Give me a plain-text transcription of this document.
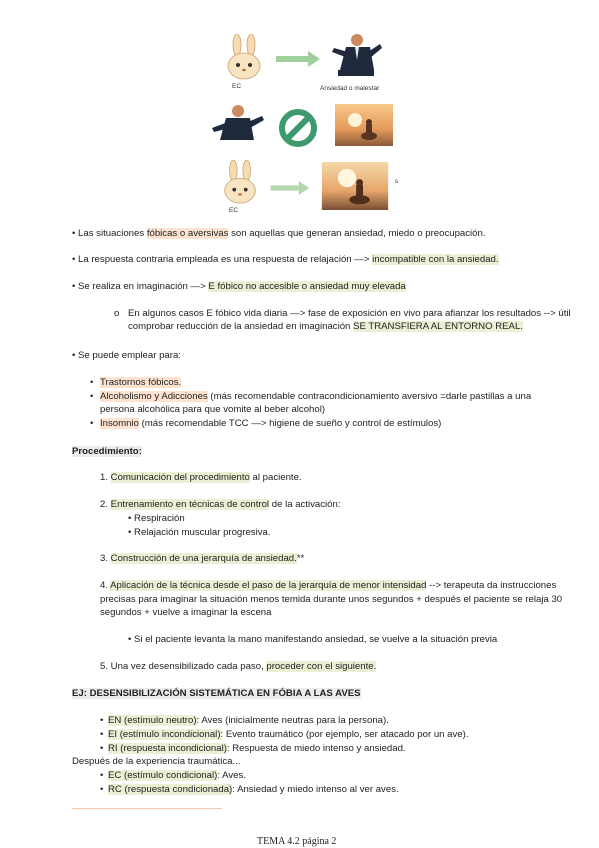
EC	Ansiedad o malestar
EC
s
• Las situaciones fóbicas o aversivas son aquellas que generan ansiedad, miedo o preocupación.
• La respuesta contraria empleada es una respuesta de relajación —> incompatible con la ansiedad.
• Se realiza en imaginación —> E fóbico no accesible o ansiedad muy elevada
o En algunos casos E fóbico vida diaria —> fase de exposición en vivo para afianzar los resultados --> útil
comprobar reducción de la ansiedad en imaginación SE TRANSFIERA AL ENTORNO REAL.
• Se puede emplear para:
• Trastornos fóbicos.
• Alcoholismo y Adicciones (más recomendable contracondicionamiento aversivo =darle pastillas a una
persona alcohólica para que vomite al beber alcohol)
• Insomnio (más recomendable TCC —> higiene de sueño y control de estímulos)
Procedimiento:
1. Comunicación del procedimiento al paciente.
2. Entrenamiento en técnicas de control de la activación:
• Respiración
• Relajación muscular progresiva.
3. Construcción de una jerarquía de ansiedad.**
4. Aplicación de la técnica desde el paso de la jerarquía de menor intensidad --> terapeuta da instrucciones
precisas para imaginar la situación menos temida durante unos segundos + después el paciente se relaja 30
segundos + vuelve a imaginar la escena
• Si el paciente levanta la mano manifestando ansiedad, se vuelve a la situación previa
5. Una vez desensibilizado cada paso, proceder con el siguiente.
EJ: DESENSIBILIZACIÓN SISTEMÁTICA EN FÓBIA A LAS AVES
• EN (estímulo neutro): Aves (inicialmente neutras para la persona).
• EI (estímulo incondicional): Evento traumático (por ejemplo, ser atacado por un ave).
• RI (respuesta incondicional): Respuesta de miedo intenso y ansiedad.
Después de la experiencia traumática...
• EC (estímulo condicional): Aves.
• RC (respuesta condicionada): Ansiedad y miedo intenso al ver aves.
TEMA 4.2 página 2
